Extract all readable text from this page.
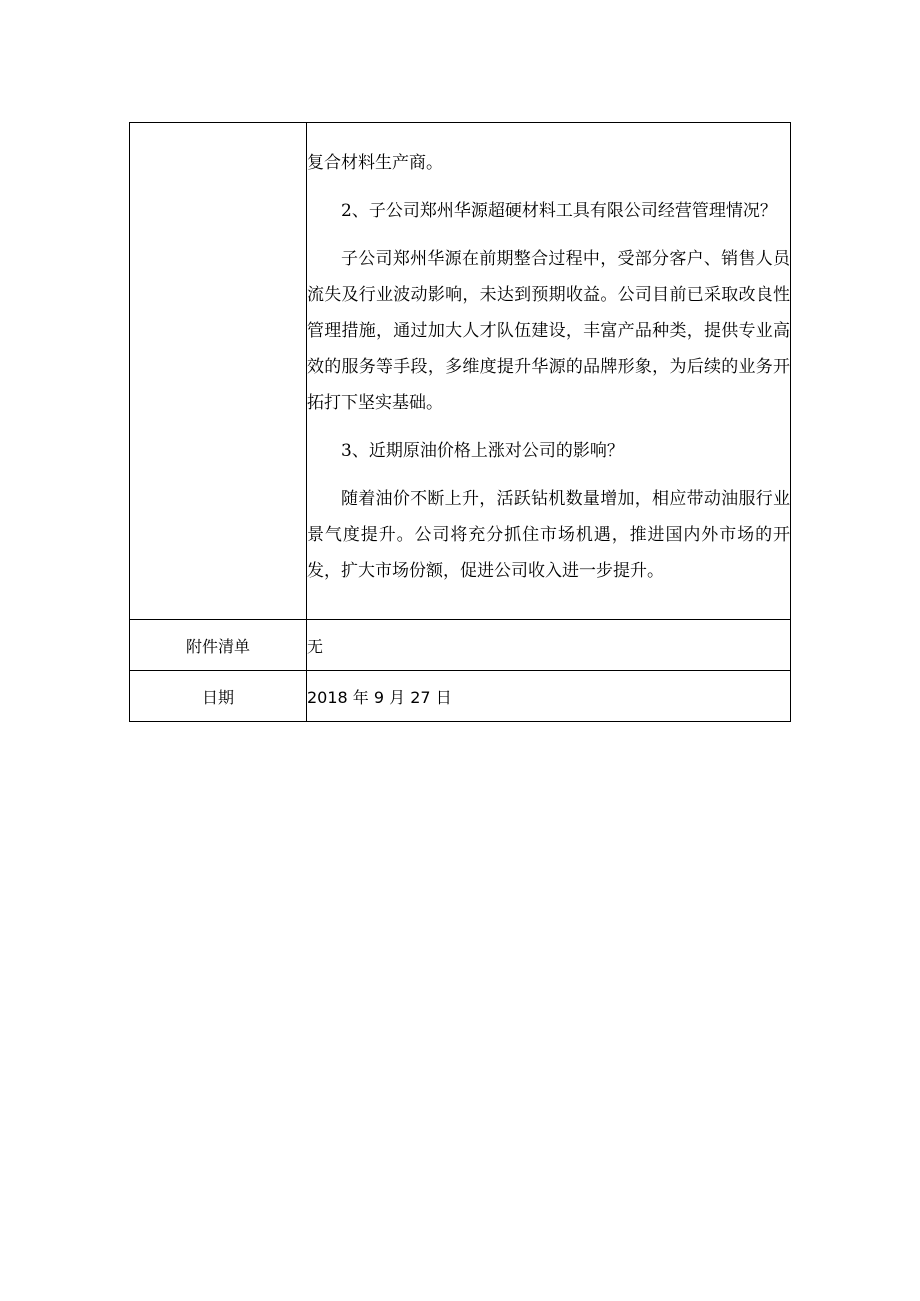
	复合材料生产商。

2、子公司郑州华源超硬材料工具有限公司经营管理情况？

子公司郑州华源在前期整合过程中，受部分客户、销售人员流失及行业波动影响，未达到预期收益。公司目前已采取改良性管理措施，通过加大人才队伍建设，丰富产品种类，提供专业高效的服务等手段，多维度提升华源的品牌形象，为后续的业务开拓打下坚实基础。

3、近期原油价格上涨对公司的影响？

随着油价不断上升，活跃钻机数量增加，相应带动油服行业景气度提升。公司将充分抓住市场机遇，推进国内外市场的开发，扩大市场份额，促进公司收入进一步提升。

附件清单	无
日期	2018 年 9 月 27 日
